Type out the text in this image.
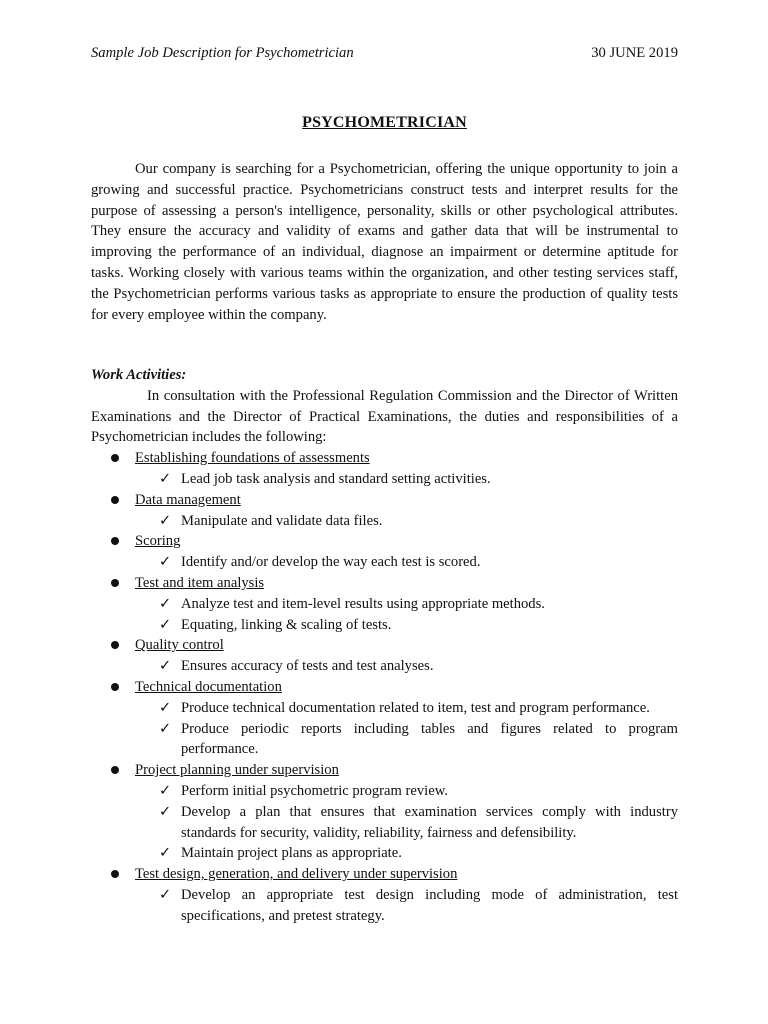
Sample Job Description for Psychometrician	30 JUNE 2019
PSYCHOMETRICIAN

Our company is searching for a Psychometrician, offering the unique opportunity to join a growing and successful practice. Psychometricians construct tests and interpret results for the purpose of assessing a person's intelligence, personality, skills or other psychological attributes. They ensure the accuracy and validity of exams and gather data that will be instrumental to improving the performance of an individual, diagnose an impairment or determine aptitude for tasks. Working closely with various teams within the organization, and other testing services staff, the Psychometrician performs various tasks as appropriate to ensure the production of quality tests for every employee within the company.

Work Activities:

In consultation with the Professional Regulation Commission and the Director of Written Examinations and the Director of Practical Examinations, the duties and responsibilities of a Psychometrician includes the following:

Establishing foundations of assessments
✓ Lead job task analysis and standard setting activities.
Data management
✓ Manipulate and validate data files.
Scoring
✓ Identify and/or develop the way each test is scored.
Test and item analysis
✓ Analyze test and item-level results using appropriate methods.
✓ Equating, linking & scaling of tests.
Quality control
✓ Ensures accuracy of tests and test analyses.
Technical documentation
✓ Produce technical documentation related to item, test and program performance.
✓ Produce periodic reports including tables and figures related to program performance.
Project planning under supervision
✓ Perform initial psychometric program review.
✓ Develop a plan that ensures that examination services comply with industry standards for security, validity, reliability, fairness and defensibility.
✓ Maintain project plans as appropriate.
Test design, generation, and delivery under supervision
✓ Develop an appropriate test design including mode of administration, test specifications, and pretest strategy.
